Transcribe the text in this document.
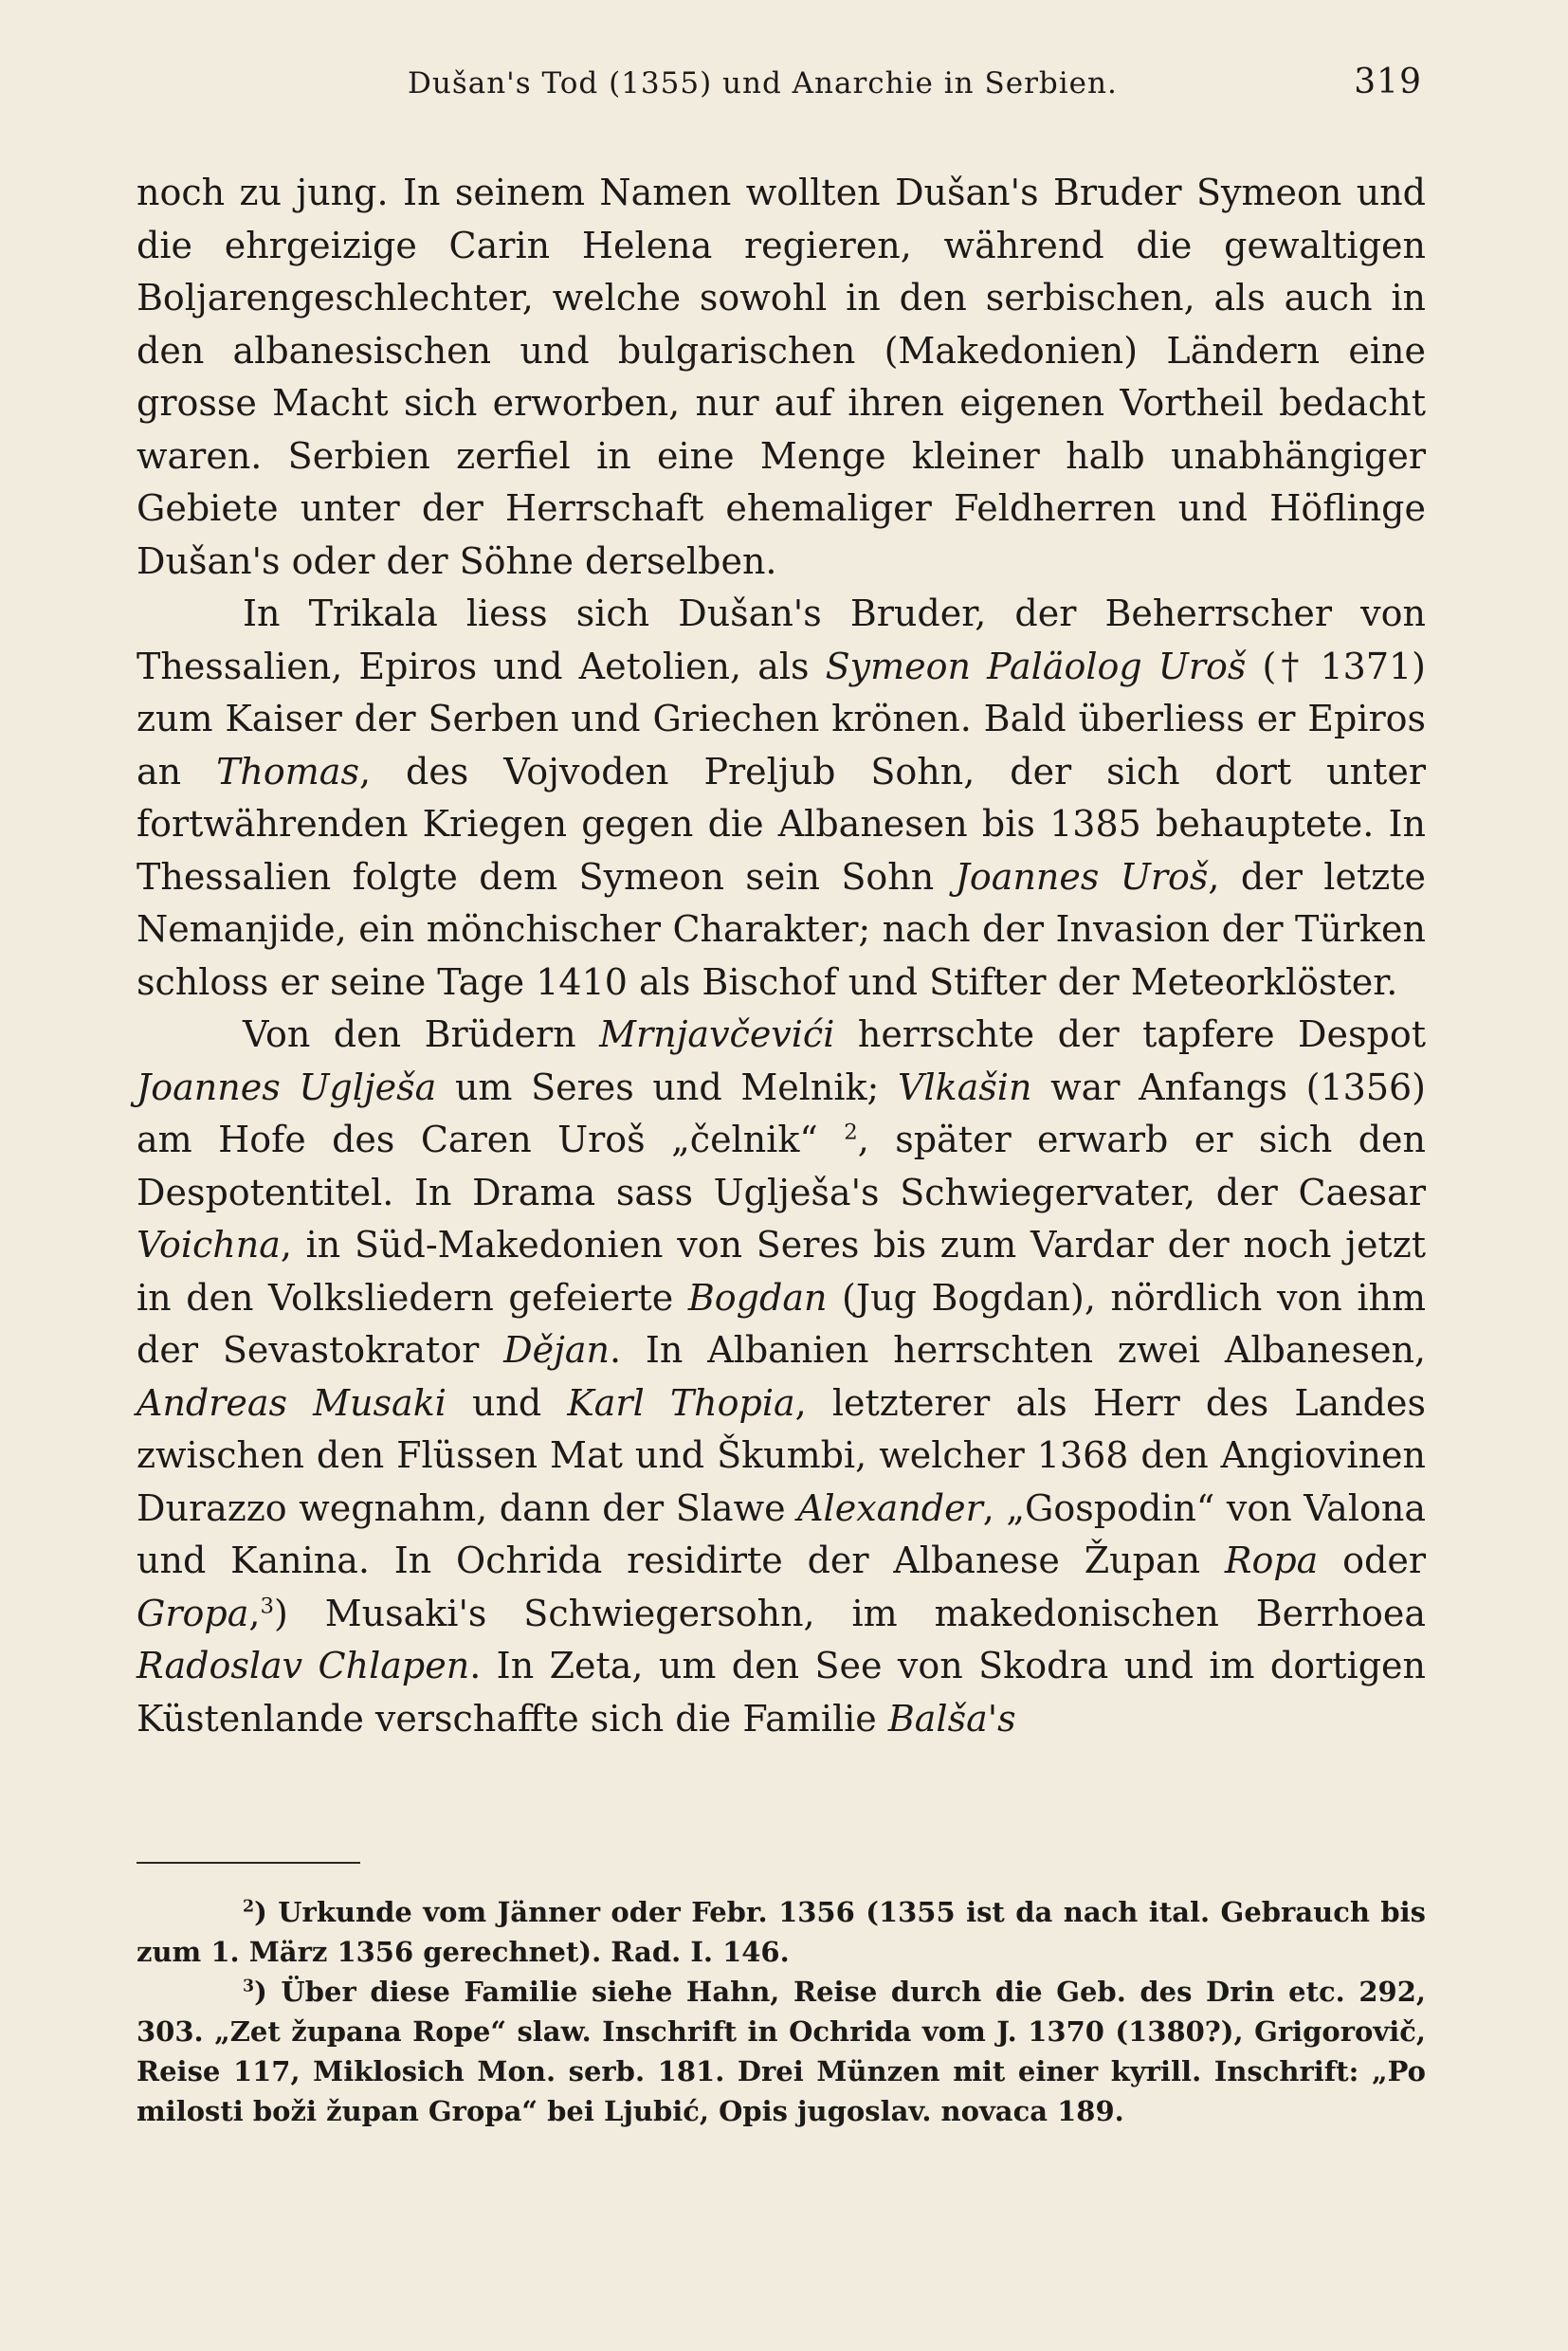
Dušan's Tod (1355) und Anarchie in Serbien.	319

noch zu jung. In seinem Namen wollten Dušan's Bruder Symeon und die ehrgeizige Carin Helena regieren, während die gewaltigen Boljarengeschlechter, welche sowohl in den serbischen, als auch in den albanesischen und bulgarischen (Makedonien) Ländern eine grosse Macht sich erworben, nur auf ihren eigenen Vortheil bedacht waren. Serbien zerfiel in eine Menge kleiner halb unabhängiger Gebiete unter der Herrschaft ehemaliger Feldherren und Höflinge Dušan's oder der Söhne derselben.

In Trikala liess sich Dušan's Bruder, der Beherrscher von Thessalien, Epiros und Aetolien, als Symeon Paläolog Uroš († 1371) zum Kaiser der Serben und Griechen krönen. Bald überliess er Epiros an Thomas, des Vojvoden Preljub Sohn, der sich dort unter fortwährenden Kriegen gegen die Albanesen bis 1385 behauptete. In Thessalien folgte dem Symeon sein Sohn Joannes Uroš, der letzte Nemanjide, ein mönchischer Charakter; nach der Invasion der Türken schloss er seine Tage 1410 als Bischof und Stifter der Meteorklöster.

Von den Brüdern Mrnjavčevići herrschte der tapfere Despot Joannes Uglješa um Seres und Melnik; Vlkašin war Anfangs (1356) am Hofe des Caren Uroš „čelnik“ $^2$, später erwarb er sich den Despotentitel. In Drama sass Uglješa's Schwiegervater, der Caesar Voichna, in Süd-Makedonien von Seres bis zum Vardar der noch jetzt in den Volksliedern gefeierte Bogdan (Jug Bogdan), nördlich von ihm der Sevastokrator Dějan. In Albanien herrschten zwei Albanesen, Andreas Musaki und Karl Thopia, letzterer als Herr des Landes zwischen den Flüssen Mat und Škumbi, welcher 1368 den Angiovinen Durazzo wegnahm, dann der Slawe Alexander, „Gospodin“ von Valona und Kanina. In Ochrida residirte der Albanese Župan Ropa oder Gropa,$^3$) Musaki's Schwiegersohn, im makedonischen Berrhoea Radoslav Chlapen. In Zeta, um den See von Skodra und im dortigen Küstenlande verschaffte sich die Familie Balša's

$^2$) Urkunde vom Jänner oder Febr. 1356 (1355 ist da nach ital. Gebrauch bis zum 1. März 1356 gerechnet). Rad. I. 146.

$^3$) Über diese Familie siehe Hahn, Reise durch die Geb. des Drin etc. 292, 303. „Zet župana Rope“ slaw. Inschrift in Ochrida vom J. 1370 (1380?), Grigorovič, Reise 117, Miklosich Mon. serb. 181. Drei Münzen mit einer kyrill. Inschrift: „Po milosti boži župan Gropa“ bei Ljubić, Opis jugoslav. novaca 189.
